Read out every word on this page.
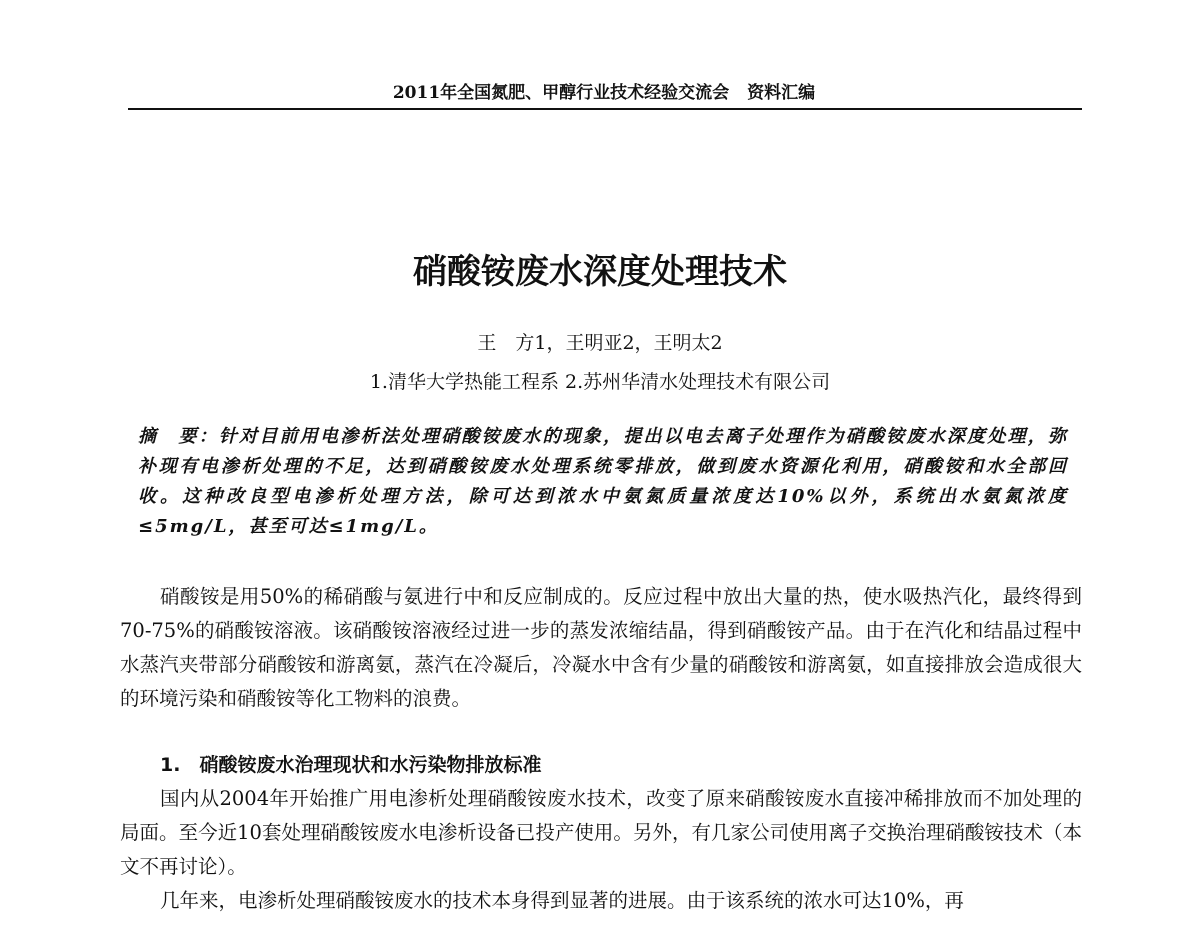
2011年全国氮肥、甲醇行业技术经验交流会 资料汇编
硝酸铵废水深度处理技术
王　方1，王明亚2，王明太2
1.清华大学热能工程系 2.苏州华清水处理技术有限公司
摘　要：针对目前用电渗析法处理硝酸铵废水的现象，提出以电去离子处理作为硝酸铵废水深度处理，弥补现有电渗析处理的不足，达到硝酸铵废水处理系统零排放，做到废水资源化利用，硝酸铵和水全部回收。这种改良型电渗析处理方法，除可达到浓水中氨氮质量浓度达10%以外，系统出水氨氮浓度≤5mg/L，甚至可达≤1mg/L。
硝酸铵是用50%的稀硝酸与氨进行中和反应制成的。反应过程中放出大量的热，使水吸热汽化，最终得到70-75%的硝酸铵溶液。该硝酸铵溶液经过进一步的蒸发浓缩结晶，得到硝酸铵产品。由于在汽化和结晶过程中水蒸汽夹带部分硝酸铵和游离氨，蒸汽在冷凝后，冷凝水中含有少量的硝酸铵和游离氨，如直接排放会造成很大的环境污染和硝酸铵等化工物料的浪费。
1.　硝酸铵废水治理现状和水污染物排放标准
国内从2004年开始推广用电渗析处理硝酸铵废水技术，改变了原来硝酸铵废水直接冲稀排放而不加处理的局面。至今近10套处理硝酸铵废水电渗析设备已投产使用。另外，有几家公司使用离子交换治理硝酸铵技术（本文不再讨论）。
几年来，电渗析处理硝酸铵废水的技术本身得到显著的进展。由于该系统的浓水可达10%，再
